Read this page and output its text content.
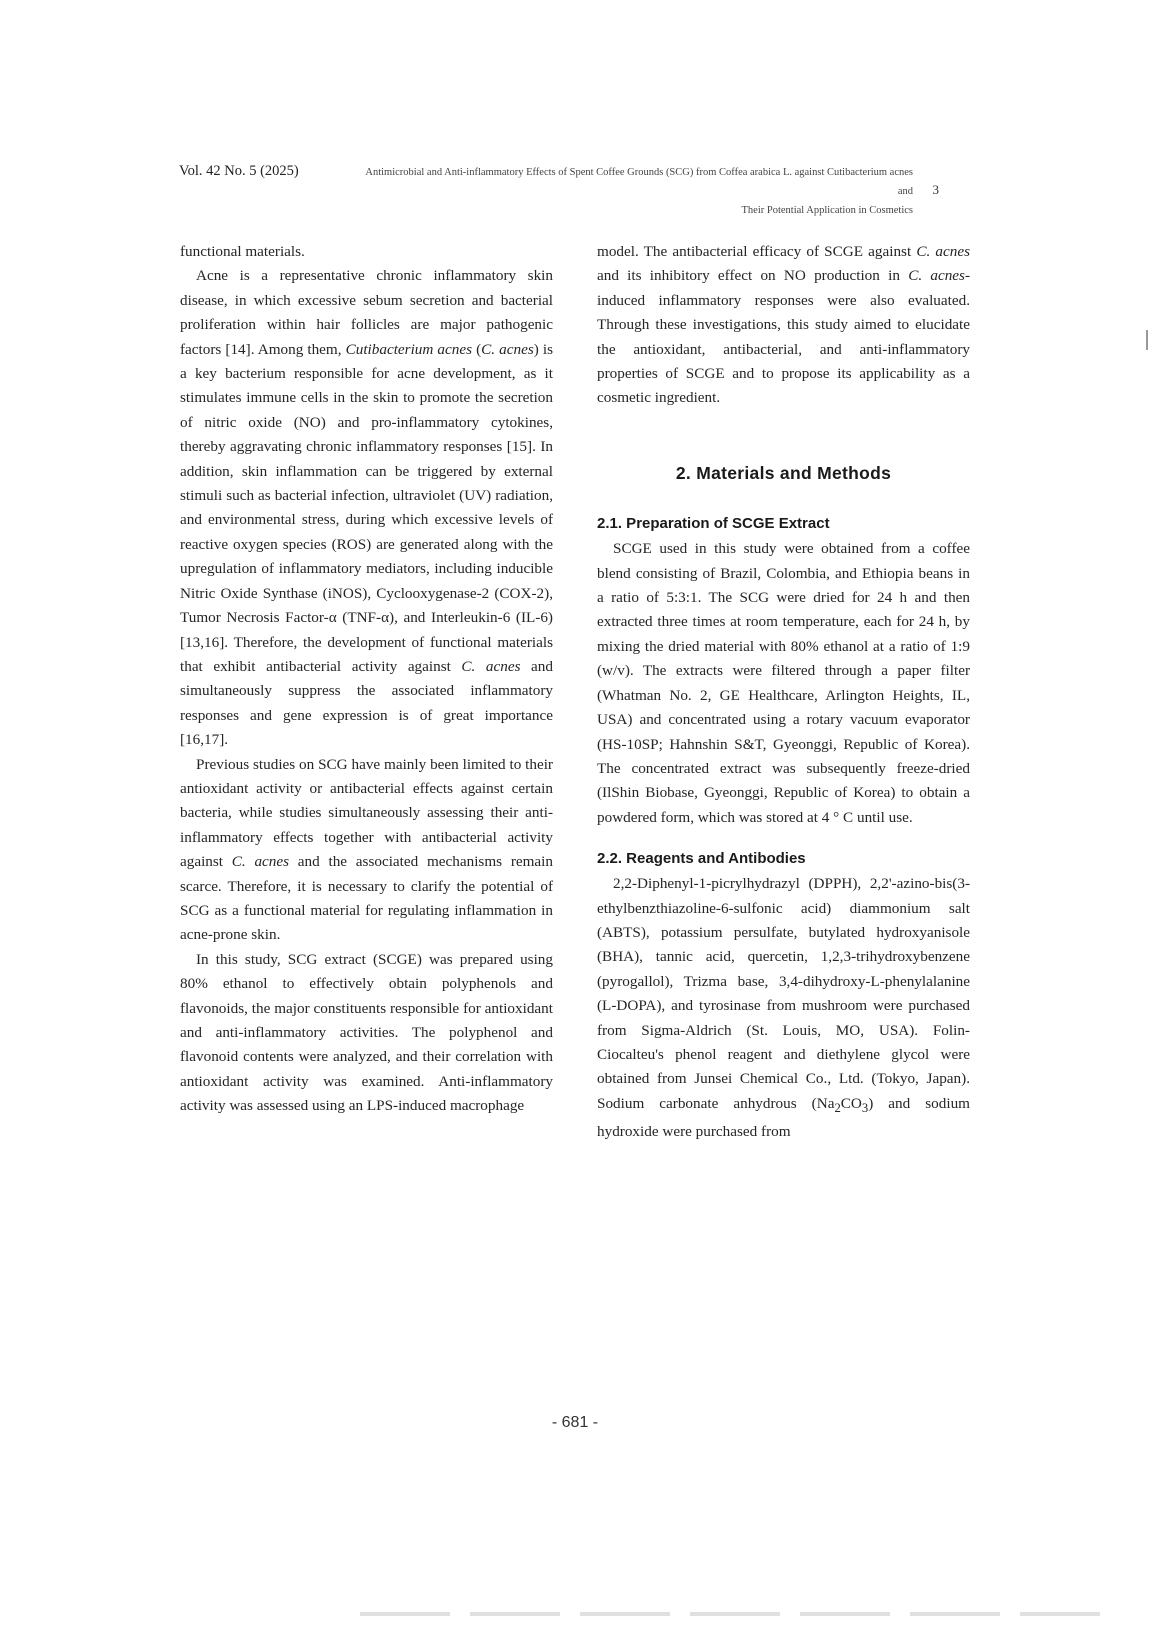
Vol. 42 No. 5 (2025)	Antimicrobial and Anti-inflammatory Effects of Spent Coffee Grounds (SCG) from Coffea arabica L. against Cutibacterium acnes and
Their Potential Application in Cosmetics
3

functional materials.

Acne is a representative chronic inflammatory skin disease, in which excessive sebum secretion and bacterial proliferation within hair follicles are major pathogenic factors [14]. Among them, Cutibacterium acnes (C. acnes) is a key bacterium responsible for acne development, as it stimulates immune cells in the skin to promote the secretion of nitric oxide (NO) and pro-inflammatory cytokines, thereby aggravating chronic inflammatory responses [15]. In addition, skin inflammation can be triggered by external stimuli such as bacterial infection, ultraviolet (UV) radiation, and environmental stress, during which excessive levels of reactive oxygen species (ROS) are generated along with the upregulation of inflammatory mediators, including inducible Nitric Oxide Synthase (iNOS), Cyclooxygenase-2 (COX-2), Tumor Necrosis Factor-α (TNF-α), and Interleukin-6 (IL-6) [13,16]. Therefore, the development of functional materials that exhibit antibacterial activity against C. acnes and simultaneously suppress the associated inflammatory responses and gene expression is of great importance [16,17].

Previous studies on SCG have mainly been limited to their antioxidant activity or antibacterial effects against certain bacteria, while studies simultaneously assessing their anti-inflammatory effects together with antibacterial activity against C. acnes and the associated mechanisms remain scarce. Therefore, it is necessary to clarify the potential of SCG as a functional material for regulating inflammation in acne-prone skin.

In this study, SCG extract (SCGE) was prepared using 80% ethanol to effectively obtain polyphenols and flavonoids, the major constituents responsible for antioxidant and anti-inflammatory activities. The polyphenol and flavonoid contents were analyzed, and their correlation with antioxidant activity was examined. Anti-inflammatory activity was assessed using an LPS-induced macrophage

model. The antibacterial efficacy of SCGE against C. acnes and its inhibitory effect on NO production in C. acnes-induced inflammatory responses were also evaluated. Through these investigations, this study aimed to elucidate the antioxidant, antibacterial, and anti-inflammatory properties of SCGE and to propose its applicability as a cosmetic ingredient.

2. Materials and Methods
2.1. Preparation of SCGE Extract

SCGE used in this study were obtained from a coffee blend consisting of Brazil, Colombia, and Ethiopia beans in a ratio of 5:3:1. The SCG were dried for 24 h and then extracted three times at room temperature, each for 24 h, by mixing the dried material with 80% ethanol at a ratio of 1:9 (w/v). The extracts were filtered through a paper filter (Whatman No. 2, GE Healthcare, Arlington Heights, IL, USA) and concentrated using a rotary vacuum evaporator (HS-10SP; Hahnshin S&T, Gyeonggi, Republic of Korea). The concentrated extract was subsequently freeze-dried (IlShin Biobase, Gyeonggi, Republic of Korea) to obtain a powdered form, which was stored at 4 ° C until use.

2.2. Reagents and Antibodies

2,2-Diphenyl-1-picrylhydrazyl (DPPH), 2,2'-azino-bis(3-ethylbenzthiazoline-6-sulfonic acid) diammonium salt (ABTS), potassium persulfate, butylated hydroxyanisole (BHA), tannic acid, quercetin, 1,2,3-trihydroxybenzene (pyrogallol), Trizma base, 3,4-dihydroxy-L-phenylalanine (L-DOPA), and tyrosinase from mushroom were purchased from Sigma-Aldrich (St. Louis, MO, USA). Folin-Ciocalteu's phenol reagent and diethylene glycol were obtained from Junsei Chemical Co., Ltd. (Tokyo, Japan). Sodium carbonate anhydrous $(Na_2CO_3)$ and sodium hydroxide were purchased from

- 681 -
